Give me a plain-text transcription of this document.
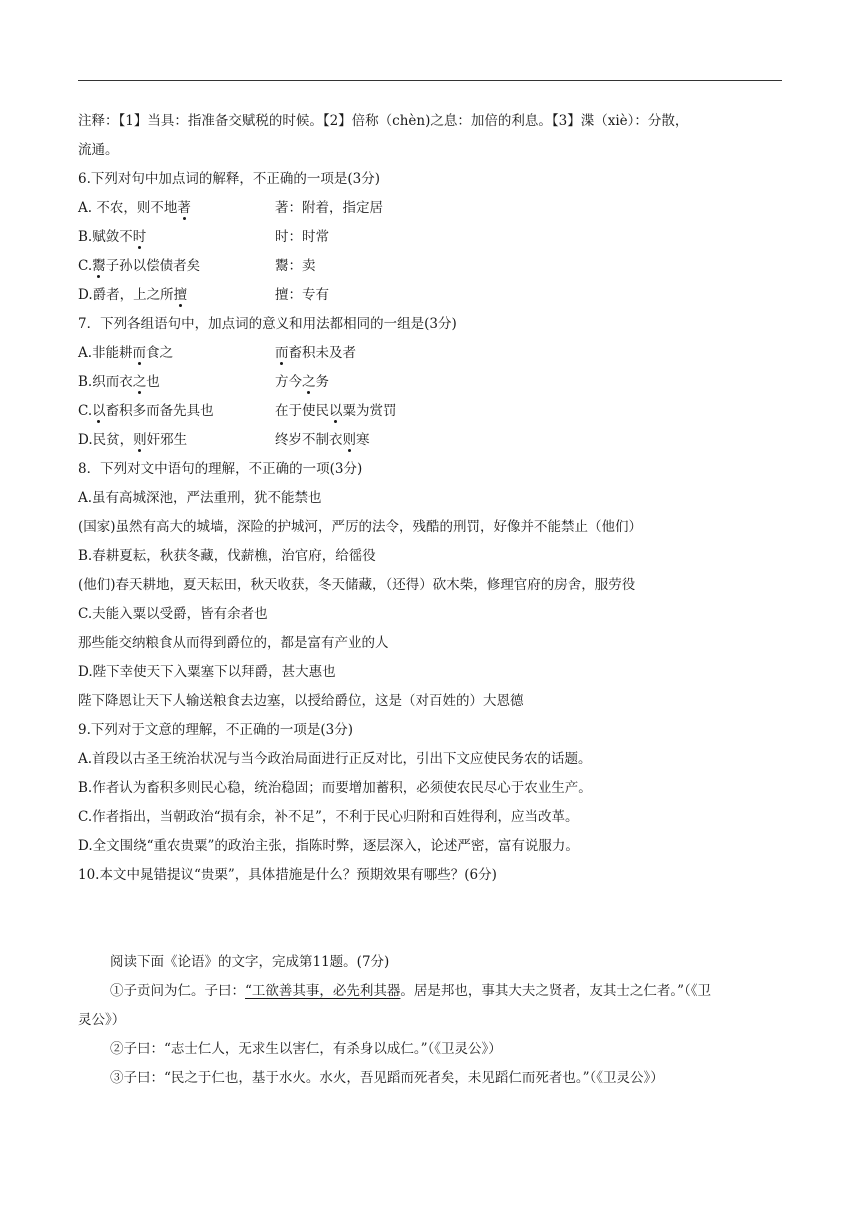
注释：【1】当具：指准备交赋税的时候。【2】倍称（chèn)之息：加倍的利息。【3】渫（xiè）：分散，
流通。
6.下列对句中加点词的解释，不正确的一项是(3分)
A. 不农，则不地著	著：附着，指定居
B.赋敛不时	时：时常
C.鬻子孙以偿债者矣	鬻：卖
D.爵者，上之所擅	擅：专有
7．下列各组语句中，加点词的意义和用法都相同的一组是(3分)
A.非能耕而食之	而畜积未及者
B.织而衣之也	方今之务
C.以畜积多而备先具也	在于使民以粟为赏罚
D.民贫，则奸邪生	终岁不制衣则寒
8．下列对文中语句的理解，不正确的一项(3分)
A.虽有高城深池，严法重刑，犹不能禁也
(国家)虽然有高大的城墙，深险的护城河，严厉的法令，残酷的刑罚，好像并不能禁止（他们）
B.春耕夏耘，秋获冬藏，伐薪樵，治官府，给徭役
(他们)春天耕地，夏天耘田，秋天收获，冬天储藏，（还得）砍木柴，修理官府的房舍，服劳役
C.夫能入粟以受爵，皆有余者也
那些能交纳粮食从而得到爵位的，都是富有产业的人
D.陛下幸使天下入粟塞下以拜爵，甚大惠也
陛下降恩让天下人输送粮食去边塞，以授给爵位，这是（对百姓的）大恩德
9.下列对于文意的理解，不正确的一项是(3分)
A.首段以古圣王统治状况与当今政治局面进行正反对比，引出下文应使民务农的话题。
B.作者认为畜积多则民心稳，统治稳固；而要增加蓄积，必须使农民尽心于农业生产。
C.作者指出，当朝政治“损有余，补不足”，不利于民心归附和百姓得利，应当改革。
D.全文围绕“重农贵粟”的政治主张，指陈时弊，逐层深入，论述严密，富有说服力。
10.本文中晁错提议“贵栗”，具体措施是什么？预期效果有哪些？(6分)
阅读下面《论语》的文字，完成第11题。(7分)
①子贡问为仁。子曰：“工欲善其事，必先利其器。居是邦也，事其大夫之贤者，友其士之仁者。”（《卫
灵公》）
②子曰：“志士仁人，无求生以害仁，有杀身以成仁。”（《卫灵公》）
③子曰：“民之于仁也，基于水火。水火，吾见蹈而死者矣，未见蹈仁而死者也。”（《卫灵公》）
